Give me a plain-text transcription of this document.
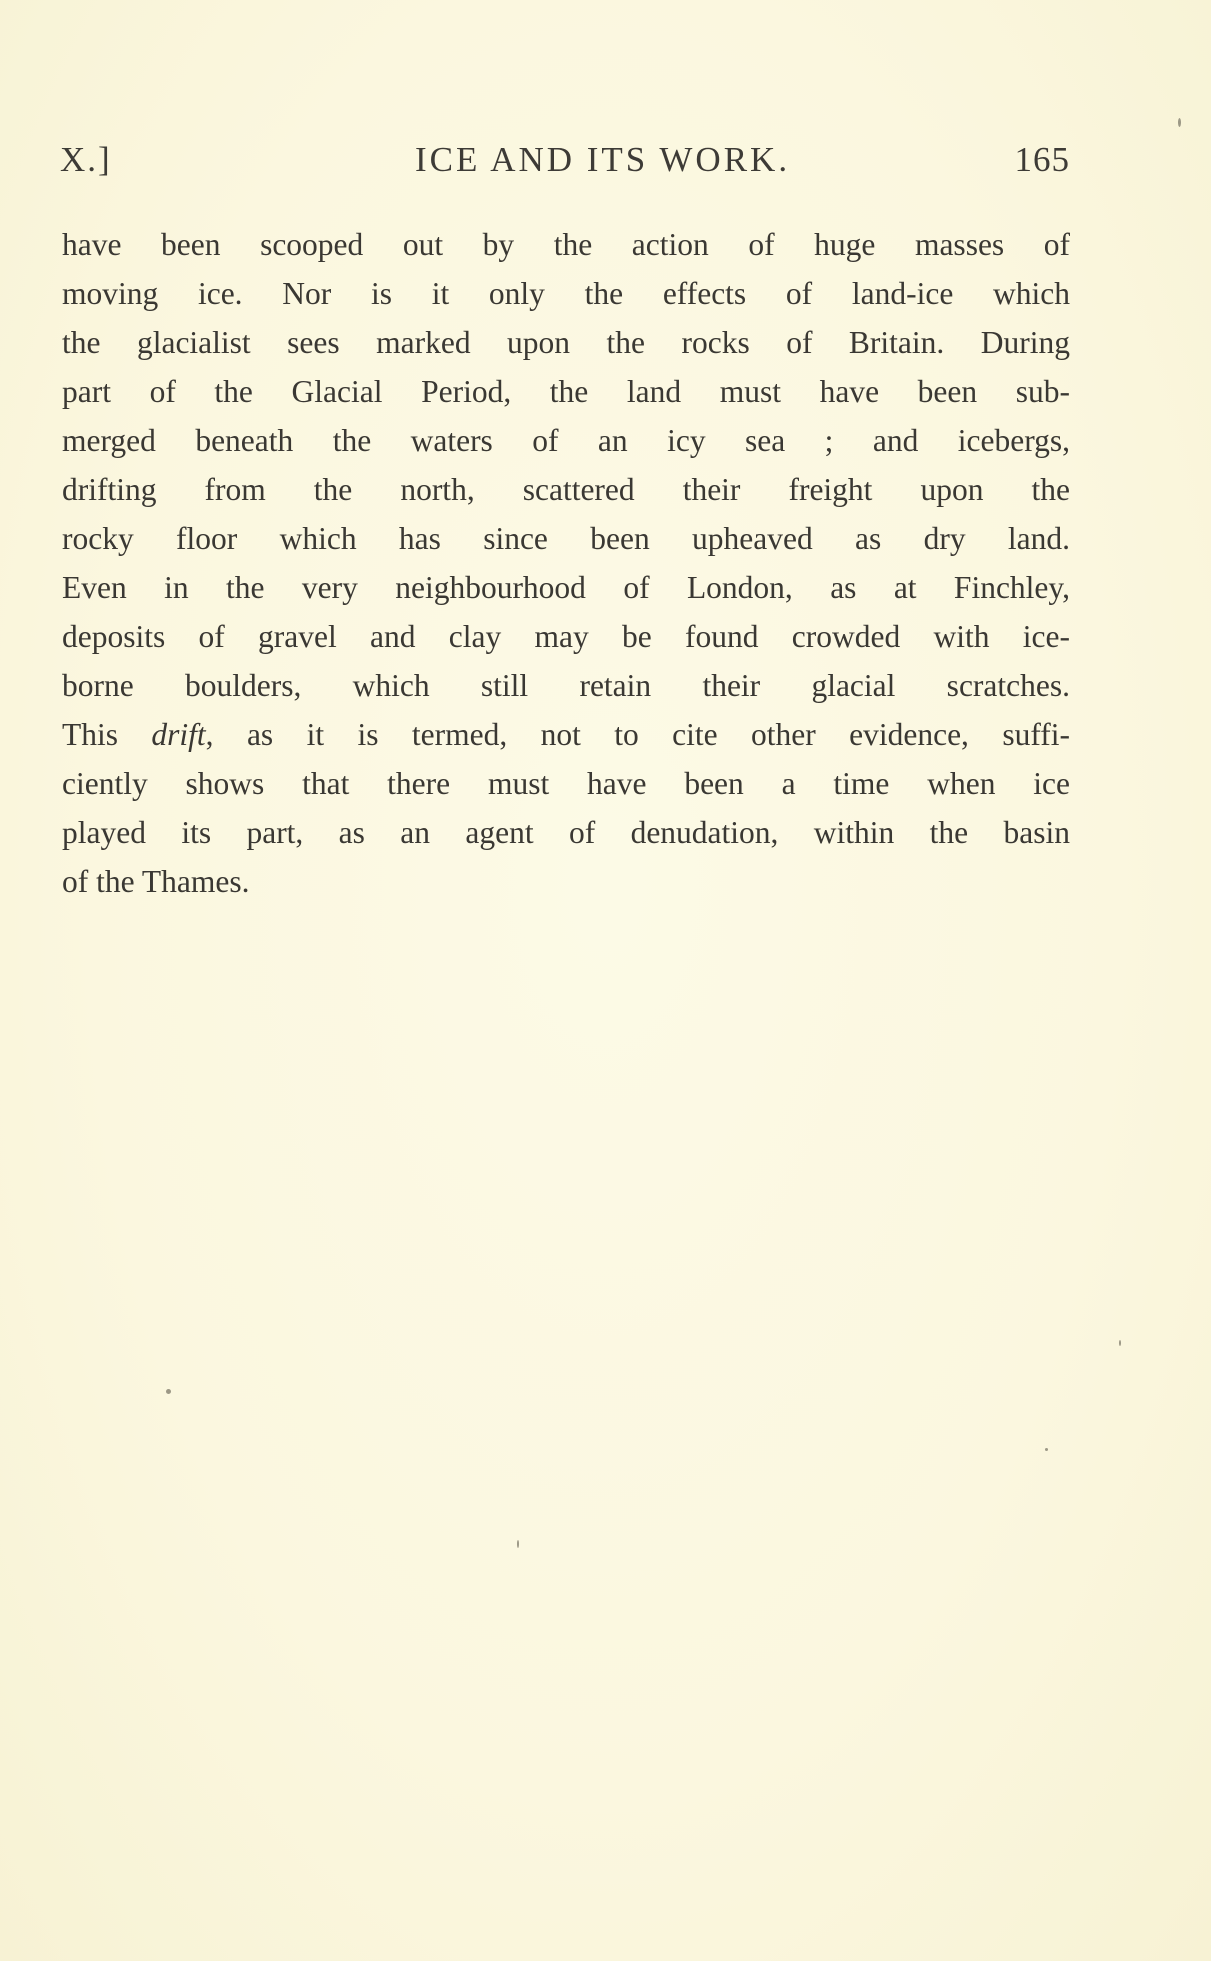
X.]	ICE AND ITS WORK.	165
have been scooped out by the action of huge masses of
moving ice. Nor is it only the effects of land-ice which
the glacialist sees marked upon the rocks of Britain. During
part of the Glacial Period, the land must have been sub-
merged beneath the waters of an icy sea ; and icebergs,
drifting from the north, scattered their freight upon the
rocky floor which has since been upheaved as dry land.
Even in the very neighbourhood of London, as at Finchley,
deposits of gravel and clay may be found crowded with ice-
borne boulders, which still retain their glacial scratches.
This drift, as it is termed, not to cite other evidence, suffi-
ciently shows that there must have been a time when ice
played its part, as an agent of denudation, within the basin
of the Thames.
